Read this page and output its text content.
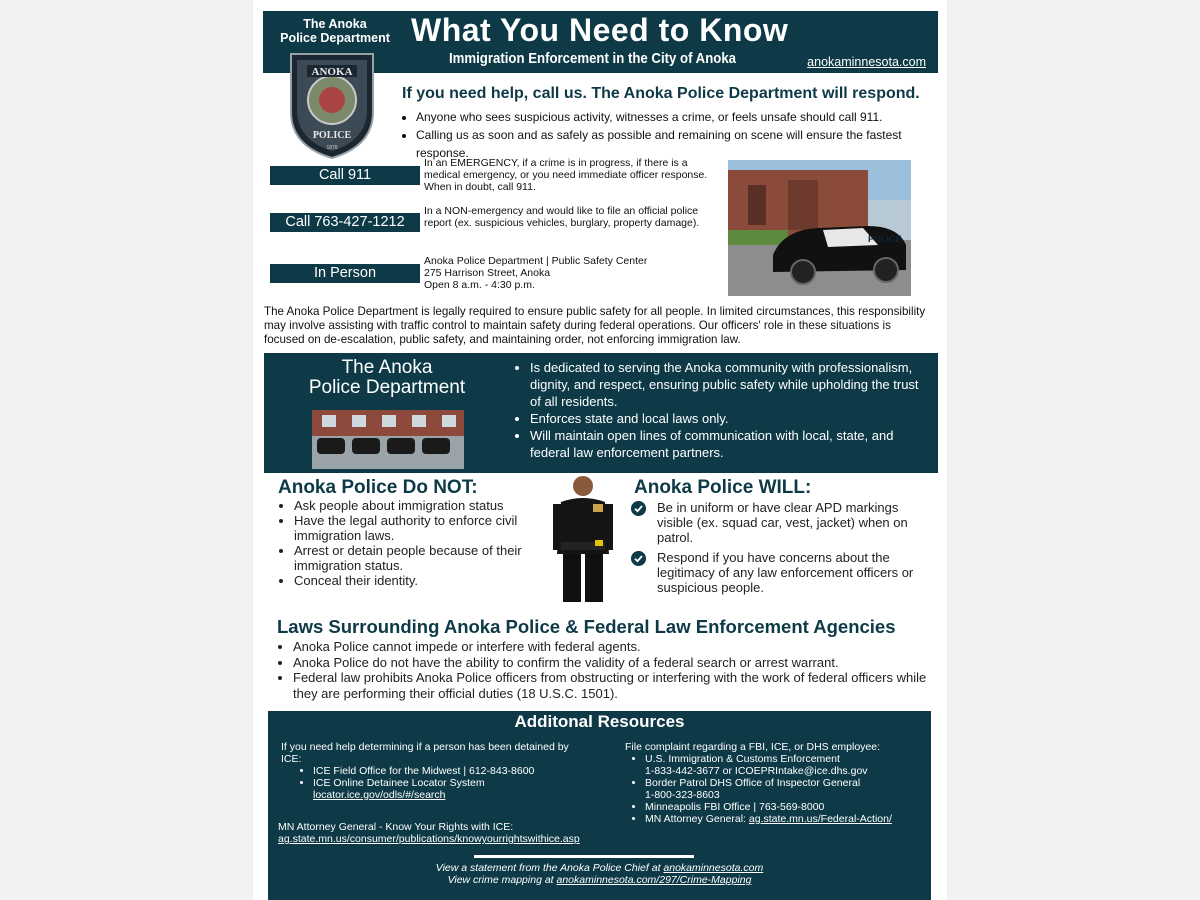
The Anoka
Police Department What You Need to Know
Immigration Enforcement in the City of Anoka	anokaminnesota.com
ANOKA
POLICE
1878
If you need help, call us. The Anoka Police Department will respond.
• Anyone who sees suspicious activity, witnesses a crime, or feels unsafe should call 911.
• Calling us as soon and as safely as possible and remaining on scene will ensure the fastest response.
Call 911
In an EMERGENCY, if a crime is in progress, if there is a medical emergency, or you need immediate officer response. When in doubt, call 911.
Call 763-427-1212
In a NON-emergency and would like to file an official police report (ex. suspicious vehicles, burglary, property damage).
In Person
Anoka Police Department | Public Safety Center
275 Harrison Street, Anoka
Open 8 a.m. - 4:30 p.m.
POLICE
The Anoka Police Department is legally required to ensure public safety for all people. In limited circumstances, this responsibility may involve assisting with traffic control to maintain safety during federal operations. Our officers' role in these situations is focused on de-escalation, public safety, and maintaining order, not enforcing immigration law.
The Anoka
Police Department
• Is dedicated to serving the Anoka community with professionalism, dignity, and respect, ensuring public safety while upholding the trust of all residents.
• Enforces state and local laws only.
• Will maintain open lines of communication with local, state, and federal law enforcement partners.
Anoka Police Do NOT:
• Ask people about immigration status
• Have the legal authority to enforce civil immigration laws.
• Arrest or detain people because of their immigration status.
• Conceal their identity.
Anoka Police WILL:
Be in uniform or have clear APD markings visible (ex. squad car, vest, jacket) when on patrol.
Respond if you have concerns about the legitimacy of any law enforcement officers or suspicious people.
Laws Surrounding Anoka Police & Federal Law Enforcement Agencies
• Anoka Police cannot impede or interfere with federal agents.
• Anoka Police do not have the ability to confirm the validity of a federal search or arrest warrant.
• Federal law prohibits Anoka Police officers from obstructing or interfering with the work of federal officers while they are performing their official duties (18 U.S.C. 1501).
Additonal Resources
If you need help determining if a person has been detained by ICE:
• ICE Field Office for the Midwest | 612-843-8600
• ICE Online Detainee Locator System
locator.ice.gov/odls/#/search
MN Attorney General - Know Your Rights with ICE:
ag.state.mn.us/consumer/publications/knowyourrightswithice.asp
File complaint regarding a FBI, ICE, or DHS employee:
• U.S. Immigration & Customs Enforcement
1-833-442-3677 or ICOEPRIntake@ice.dhs.gov
• Border Patrol DHS Office of Inspector General
1-800-323-8603
• Minneapolis FBI Office | 763-569-8000
• MN Attorney General: ag.state.mn.us/Federal-Action/
View a statement from the Anoka Police Chief at anokaminnesota.com
View crime mapping at anokaminnesota.com/297/Crime-Mapping
